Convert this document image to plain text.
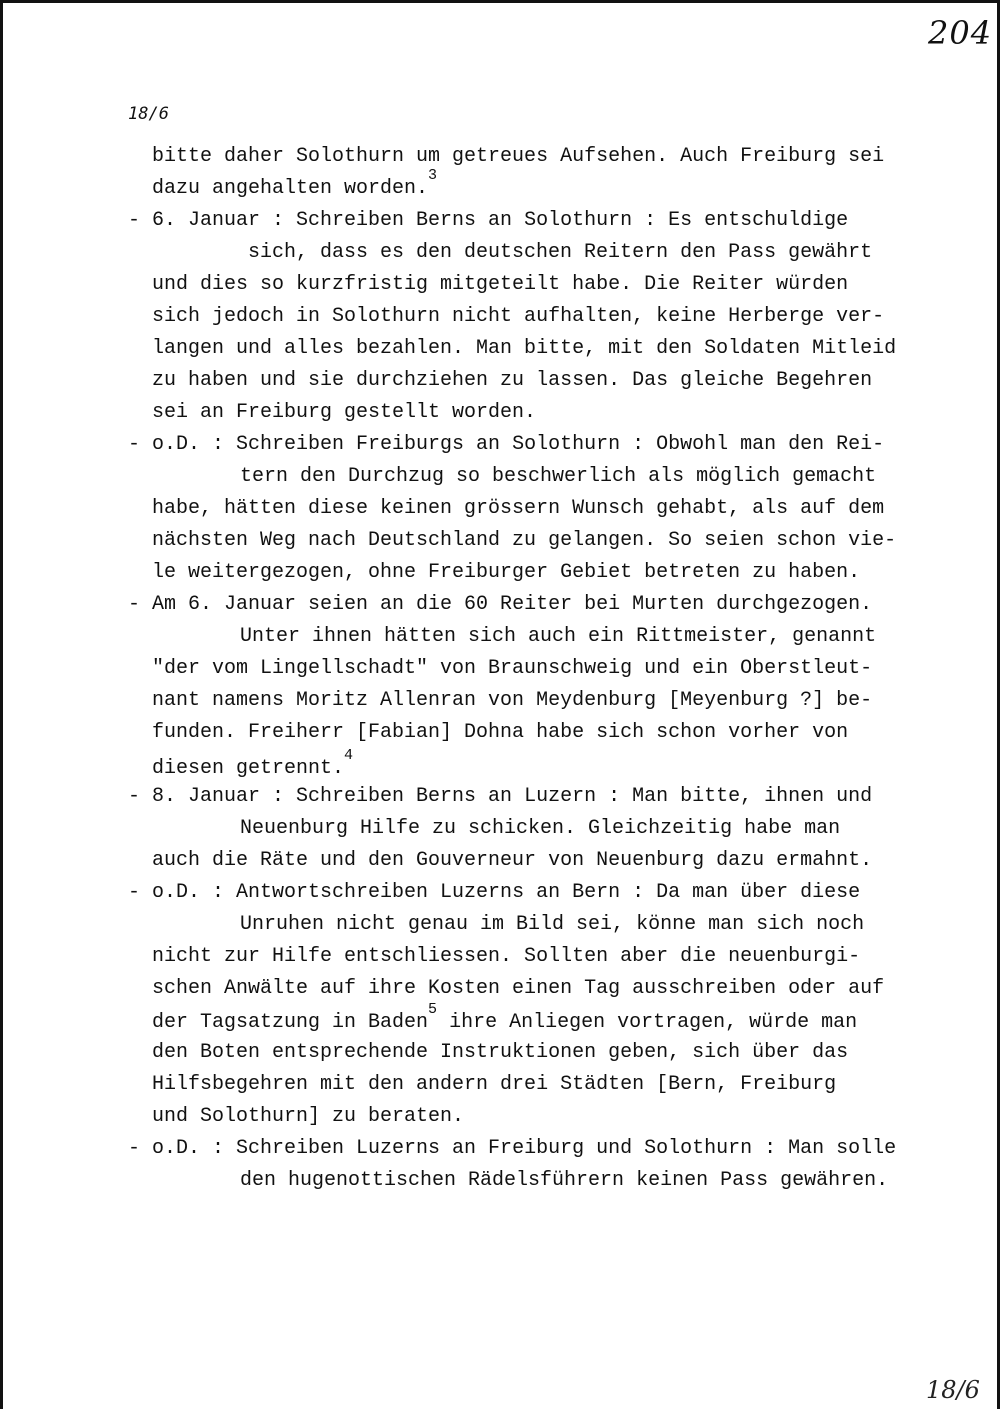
204
18/6
bitte daher Solothurn um getreues Aufsehen. Auch Freiburg sei
dazu angehalten worden.$^3$
- 6. Januar : Schreiben Berns an Solothurn : Es entschuldige
sich, dass es den deutschen Reitern den Pass gewährt
und dies so kurzfristig mitgeteilt habe. Die Reiter würden
sich jedoch in Solothurn nicht aufhalten, keine Herberge ver-
langen und alles bezahlen. Man bitte, mit den Soldaten Mitleid
zu haben und sie durchziehen zu lassen. Das gleiche Begehren
sei an Freiburg gestellt worden.
- o.D. : Schreiben Freiburgs an Solothurn : Obwohl man den Rei-
tern den Durchzug so beschwerlich als möglich gemacht
habe, hätten diese keinen grössern Wunsch gehabt, als auf dem
nächsten Weg nach Deutschland zu gelangen. So seien schon vie-
le weitergezogen, ohne Freiburger Gebiet betreten zu haben.
- Am 6. Januar seien an die 60 Reiter bei Murten durchgezogen.
Unter ihnen hätten sich auch ein Rittmeister, genannt
"der vom Lingellschadt" von Braunschweig und ein Oberstleut-
nant namens Moritz Allenran von Meydenburg [Meyenburg ?] be-
funden. Freiherr [Fabian] Dohna habe sich schon vorher von
diesen getrennt.$^4$
- 8. Januar : Schreiben Berns an Luzern : Man bitte, ihnen und
Neuenburg Hilfe zu schicken. Gleichzeitig habe man
auch die Räte und den Gouverneur von Neuenburg dazu ermahnt.
- o.D. : Antwortschreiben Luzerns an Bern : Da man über diese
Unruhen nicht genau im Bild sei, könne man sich noch
nicht zur Hilfe entschliessen. Sollten aber die neuenburgi-
schen Anwälte auf ihre Kosten einen Tag ausschreiben oder auf
der Tagsatzung in Baden$^5$ ihre Anliegen vortragen, würde man
den Boten entsprechende Instruktionen geben, sich über das
Hilfsbegehren mit den andern drei Städten [Bern, Freiburg
und Solothurn] zu beraten.
- o.D. : Schreiben Luzerns an Freiburg und Solothurn : Man solle
den hugenottischen Rädelsführern keinen Pass gewähren.
18/6
